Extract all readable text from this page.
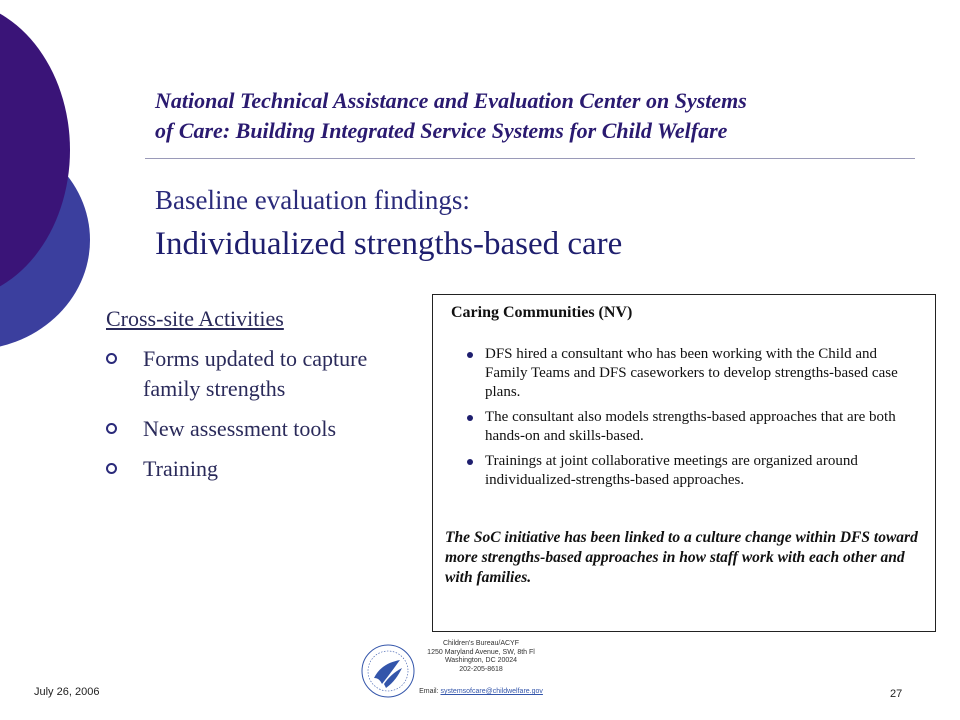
National Technical Assistance and Evaluation Center on Systems
of Care: Building Integrated Service Systems for Child Welfare
Baseline evaluation findings:
Individualized strengths-based care
Cross-site Activities
Forms updated to capture family strengths
New assessment tools
Training
Caring Communities (NV)
DFS hired a consultant who has been working with the Child and Family Teams and DFS caseworkers to develop strengths-based case plans.
The consultant also models strengths-based approaches that are both hands-on and skills-based.
Trainings at joint collaborative meetings are organized around individualized-strengths-based approaches.
The SoC initiative has been linked to a culture change within DFS toward more strengths-based approaches in how staff work with each other and with families.
July 26, 2006
Children's Bureau/ACYF
1250 Maryland Avenue, SW, 8th Fl
Washington, DC 20024
202-205-8618
Email: systemsofcare@childwelfare.gov	27
